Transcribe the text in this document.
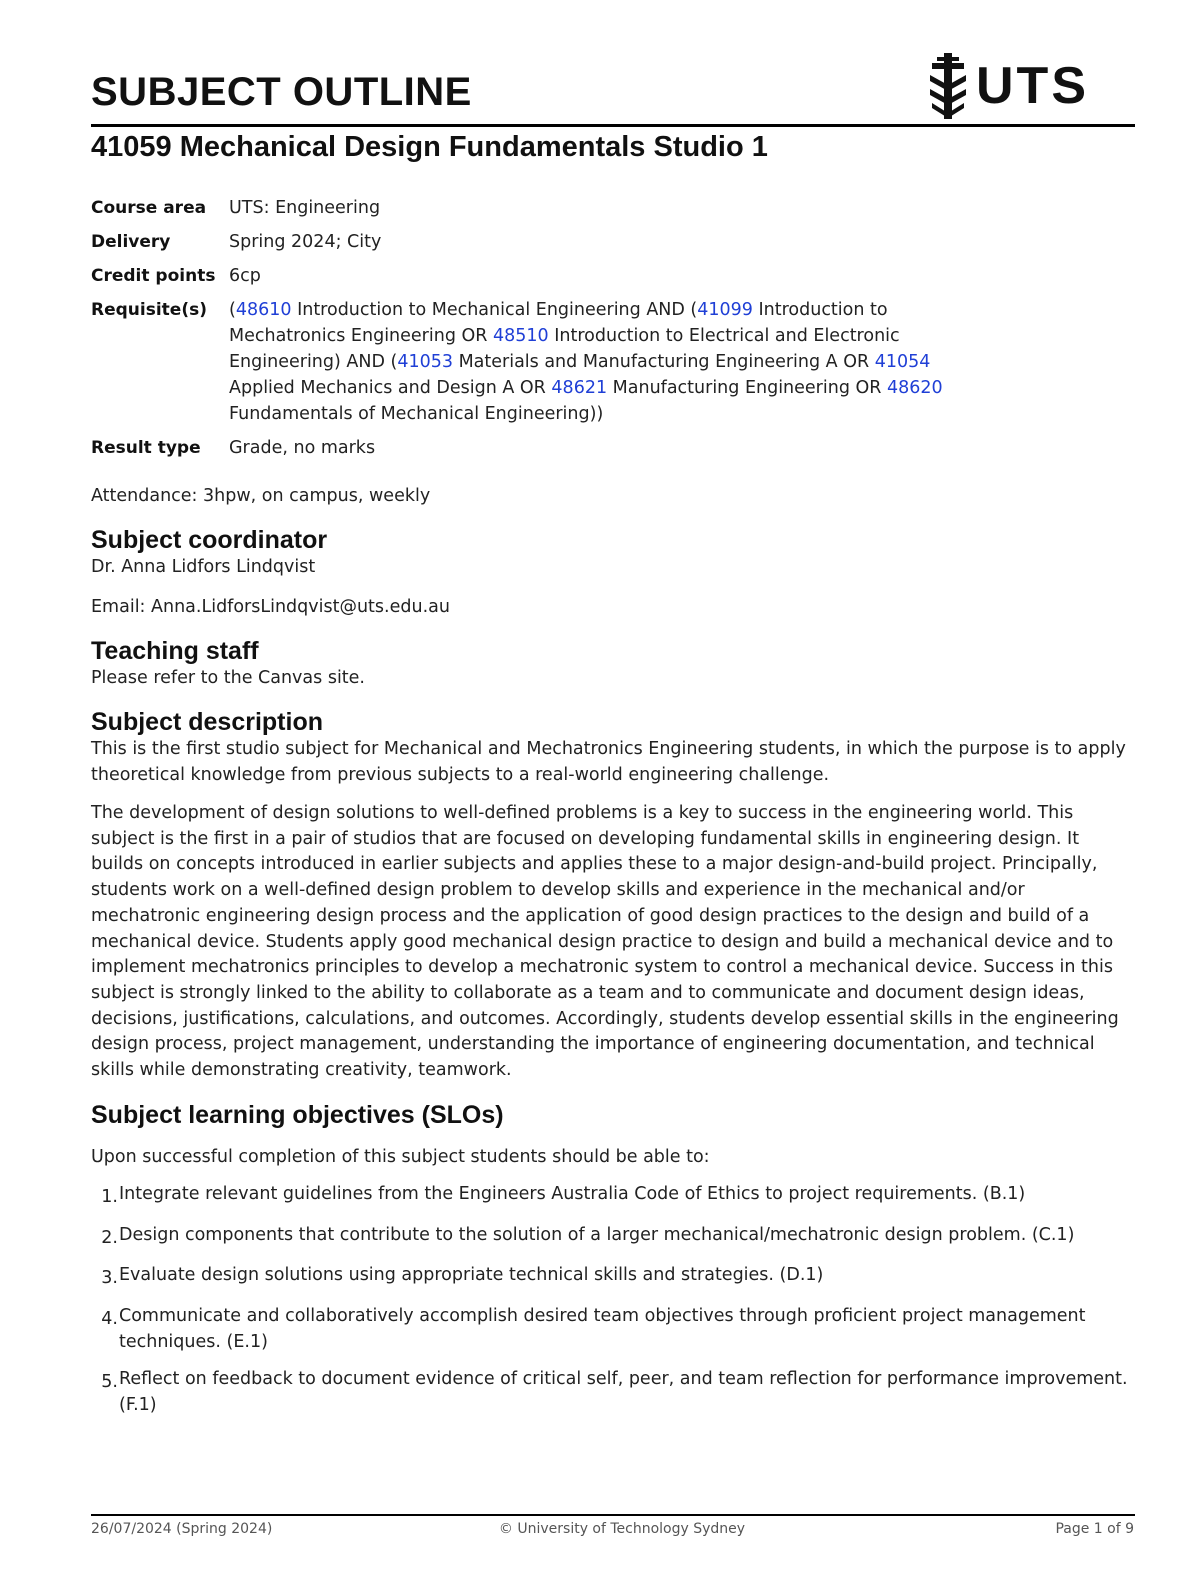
SUBJECT OUTLINE	UTS
41059 Mechanical Design Fundamentals Studio 1
Course area	UTS: Engineering
Delivery	Spring 2024; City
Credit points 6cp
Requisite(s)	(48610 Introduction to Mechanical Engineering AND (41099 Introduction to Mechatronics Engineering OR 48510 Introduction to Electrical and Electronic Engineering) AND (41053 Materials and Manufacturing Engineering A OR 41054 Applied Mechanics and Design A OR 48621 Manufacturing Engineering OR 48620 Fundamentals of Mechanical Engineering))
Result type	Grade, no marks

Attendance: 3hpw, on campus, weekly

Subject coordinator

Dr. Anna Lidfors Lindqvist

Email: Anna.LidforsLindqvist@uts.edu.au

Teaching staff

Please refer to the Canvas site.

Subject description

This is the first studio subject for Mechanical and Mechatronics Engineering students, in which the purpose is to apply theoretical knowledge from previous subjects to a real-world engineering challenge.

The development of design solutions to well-defined problems is a key to success in the engineering world. This subject is the first in a pair of studios that are focused on developing fundamental skills in engineering design. It builds on concepts introduced in earlier subjects and applies these to a major design-and-build project. Principally, students work on a well-defined design problem to develop skills and experience in the mechanical and/or mechatronic engineering design process and the application of good design practices to the design and build of a mechanical device. Students apply good mechanical design practice to design and build a mechanical device and to implement mechatronics principles to develop a mechatronic system to control a mechanical device. Success in this subject is strongly linked to the ability to collaborate as a team and to communicate and document design ideas, decisions, justifications, calculations, and outcomes. Accordingly, students develop essential skills in the engineering design process, project management, understanding the importance of engineering documentation, and technical skills while demonstrating creativity, teamwork.

Subject learning objectives (SLOs)

Upon successful completion of this subject students should be able to:

1. Integrate relevant guidelines from the Engineers Australia Code of Ethics to project requirements. (B.1)
2. Design components that contribute to the solution of a larger mechanical/mechatronic design problem. (C.1)
3. Evaluate design solutions using appropriate technical skills and strategies. (D.1)
4. Communicate and collaboratively accomplish desired team objectives through proficient project management techniques. (E.1)
5. Reflect on feedback to document evidence of critical self, peer, and team reflection for performance improvement. (F.1)
26/07/2024 (Spring 2024)	© University of Technology Sydney	Page 1 of 9
